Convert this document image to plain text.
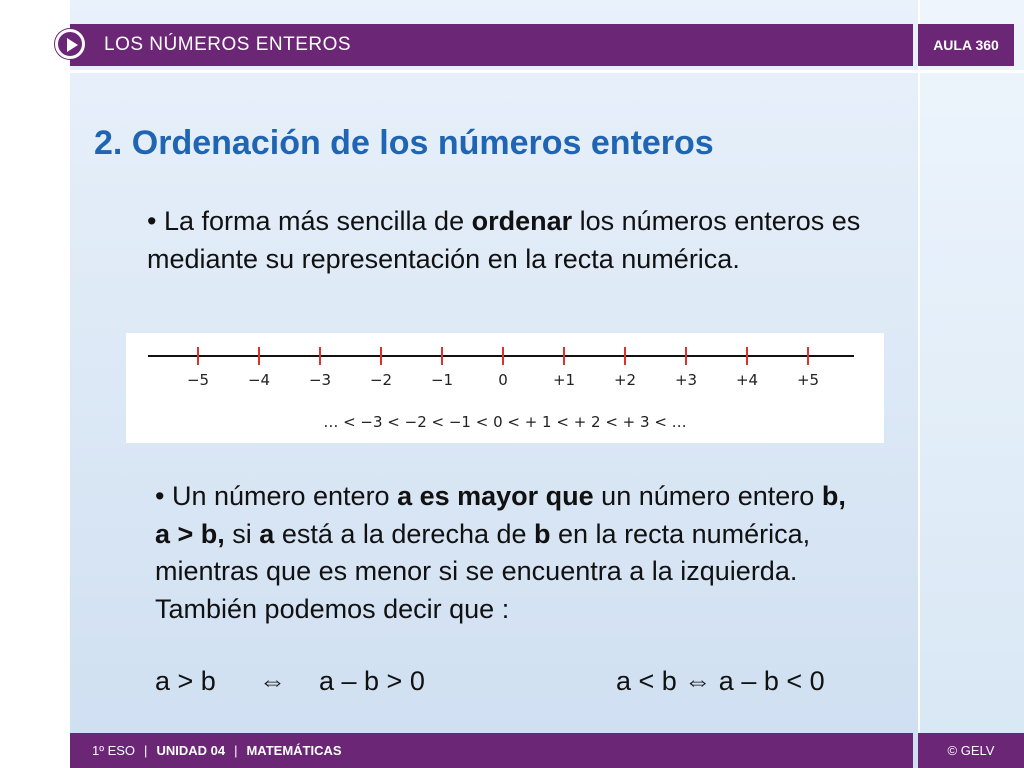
LOS NÚMEROS ENTEROS	AULA 360
2. Ordenación de los números enteros

• La forma más sencilla de ordenar los números enteros es mediante su representación en la recta numérica.

−5	−4	−3	−2	−1	0	+1	+2	+3	+4	+5
… < −3 < −2 < −1 < 0 < + 1 < + 2 < + 3 < …

• Un número entero a es mayor que un número entero b, a > b, si a está a la derecha de b en la recta numérica, mientras que es menor si se encuentra a la izquierda. También podemos decir que :

a > b ⇔ a – b > 0	a < b ⇔ a – b < 0
1º ESO | UNIDAD 04 | MATEMÁTICAS	© GELV
